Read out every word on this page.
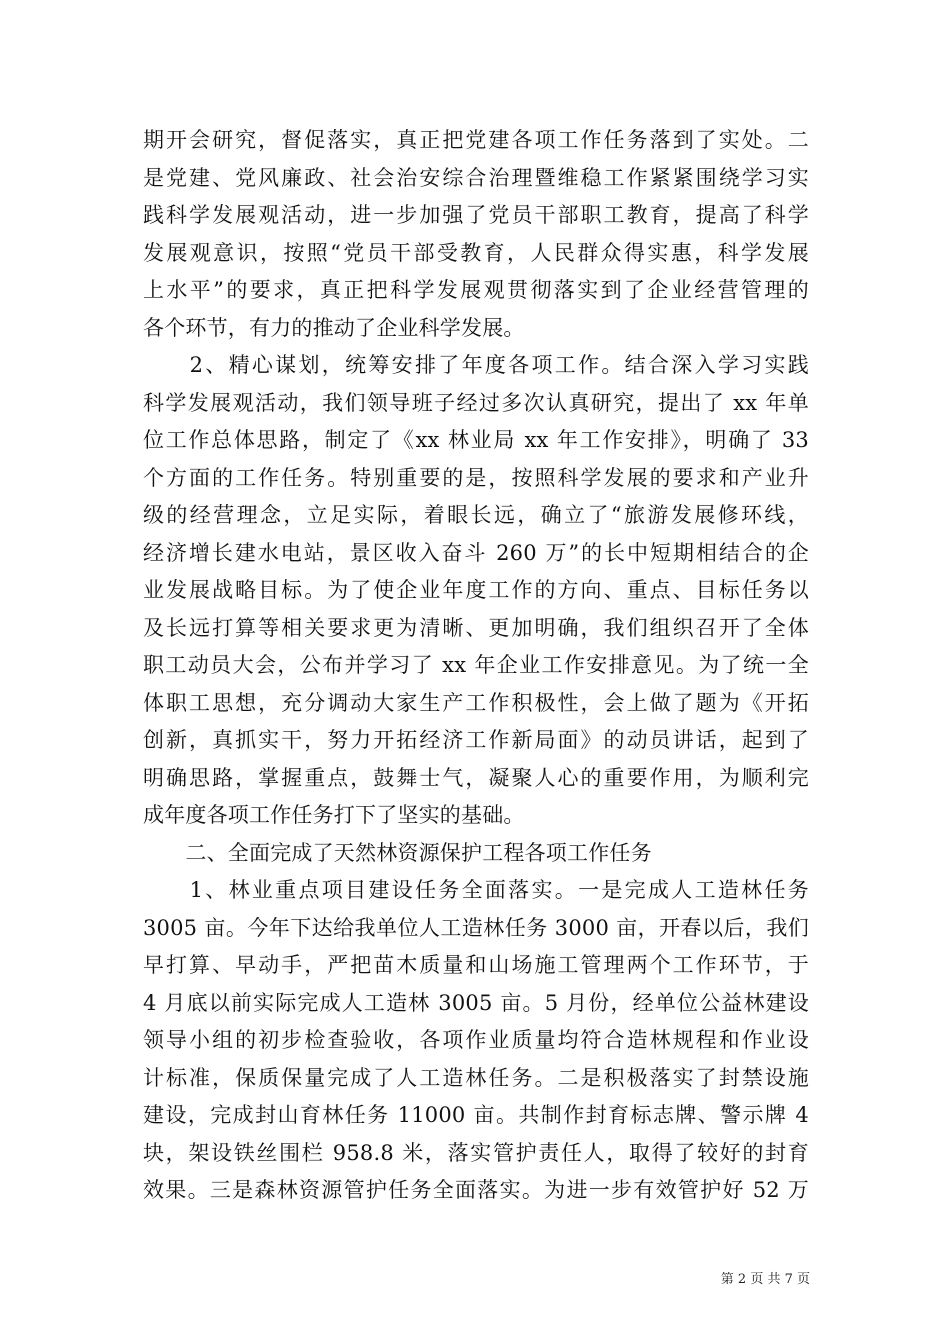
期开会研究，督促落实，真正把党建各项工作任务落到了实处。二
是党建、党风廉政、社会治安综合治理暨维稳工作紧紧围绕学习实
践科学发展观活动，进一步加强了党员干部职工教育，提高了科学
发展观意识，按照“党员干部受教育，人民群众得实惠，科学发展
上水平”的要求，真正把科学发展观贯彻落实到了企业经营管理的
各个环节，有力的推动了企业科学发展。
　　2、精心谋划，统筹安排了年度各项工作。结合深入学习实践
科学发展观活动，我们领导班子经过多次认真研究，提出了 xx 年单
位工作总体思路，制定了《xx 林业局 xx 年工作安排》，明确了 33
个方面的工作任务。特别重要的是，按照科学发展的要求和产业升
级的经营理念，立足实际，着眼长远，确立了“旅游发展修环线，
经济增长建水电站，景区收入奋斗 260 万”的长中短期相结合的企
业发展战略目标。为了使企业年度工作的方向、重点、目标任务以
及长远打算等相关要求更为清晰、更加明确，我们组织召开了全体
职工动员大会，公布并学习了 xx 年企业工作安排意见。为了统一全
体职工思想，充分调动大家生产工作积极性，会上做了题为《开拓
创新，真抓实干，努力开拓经济工作新局面》的动员讲话，起到了
明确思路，掌握重点，鼓舞士气，凝聚人心的重要作用，为顺利完
成年度各项工作任务打下了坚实的基础。
　　二、全面完成了天然林资源保护工程各项工作任务
　　1、林业重点项目建设任务全面落实。一是完成人工造林任务
3005 亩。今年下达给我单位人工造林任务 3000 亩，开春以后，我们
早打算、早动手，严把苗木质量和山场施工管理两个工作环节，于
4 月底以前实际完成人工造林 3005 亩。5 月份，经单位公益林建设
领导小组的初步检查验收，各项作业质量均符合造林规程和作业设
计标准，保质保量完成了人工造林任务。二是积极落实了封禁设施
建设，完成封山育林任务 11000 亩。共制作封育标志牌、警示牌 4
块，架设铁丝围栏 958.8 米，落实管护责任人，取得了较好的封育
效果。三是森林资源管护任务全面落实。为进一步有效管护好 52 万
第 2 页 共 7 页
